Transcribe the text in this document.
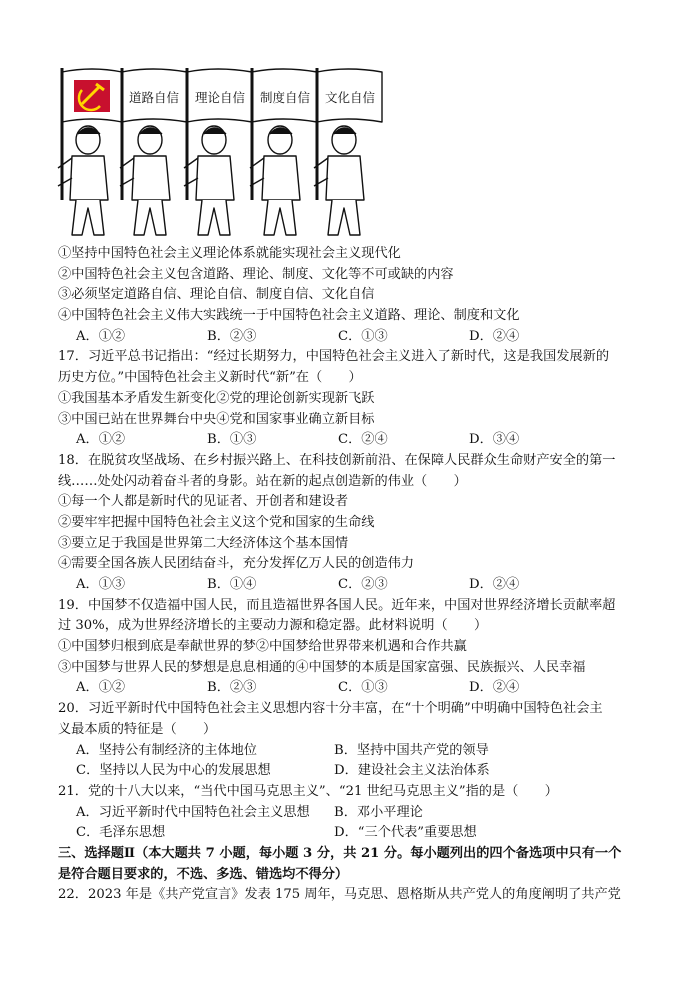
道路自信 理论自信 制度自信 文化自信
①坚持中国特色社会主义理论体系就能实现社会主义现代化
②中国特色社会主义包含道路、理论、制度、文化等不可或缺的内容
③必须坚定道路自信、理论自信、制度自信、文化自信
④中国特色社会主义伟大实践统一于中国特色社会主义道路、理论、制度和文化
A．①②	B．②③	C．①③	D．②④
17．习近平总书记指出：“经过长期努力，中国特色社会主义进入了新时代，这是我国发展新的
历史方位。”中国特色社会主义新时代“新”在（　　）
①我国基本矛盾发生新变化②党的理论创新实现新飞跃
③中国已站在世界舞台中央④党和国家事业确立新目标
A．①②	B．①③	C．②④	D．③④
18．在脱贫攻坚战场、在乡村振兴路上、在科技创新前沿、在保障人民群众生命财产安全的第一
线……处处闪动着奋斗者的身影。站在新的起点创造新的伟业（　　）
①每一个人都是新时代的见证者、开创者和建设者
②要牢牢把握中国特色社会主义这个党和国家的生命线
③要立足于我国是世界第二大经济体这个基本国情
④需要全国各族人民团结奋斗，充分发挥亿万人民的创造伟力
A．①③	B．①④	C．②③	D．②④
19．中国梦不仅造福中国人民，而且造福世界各国人民。近年来，中国对世界经济增长贡献率超
过 30%，成为世界经济增长的主要动力源和稳定器。此材料说明（　　）
①中国梦归根到底是奉献世界的梦②中国梦给世界带来机遇和合作共赢
③中国梦与世界人民的梦想是息息相通的④中国梦的本质是国家富强、民族振兴、人民幸福
A．①②	B．②③	C．①③	D．②④
20．习近平新时代中国特色社会主义思想内容十分丰富，在“十个明确”中明确中国特色社会主
义最本质的特征是（　　）
A．坚持公有制经济的主体地位	B．坚持中国共产党的领导
C．坚持以人民为中心的发展思想	D．建设社会主义法治体系
21．党的十八大以来，“当代中国马克思主义”、“21 世纪马克思主义”指的是（　　）
A．习近平新时代中国特色社会主义思想	B．邓小平理论
C．毛泽东思想	D．“三个代表”重要思想
三、选择题Ⅱ（本大题共 7 小题，每小题 3 分，共 21 分。每小题列出的四个备选项中只有一个
是符合题目要求的，不选、多选、错选均不得分）
22．2023 年是《共产党宣言》发表 175 周年，马克思、恩格斯从共产党人的角度阐明了共产党
